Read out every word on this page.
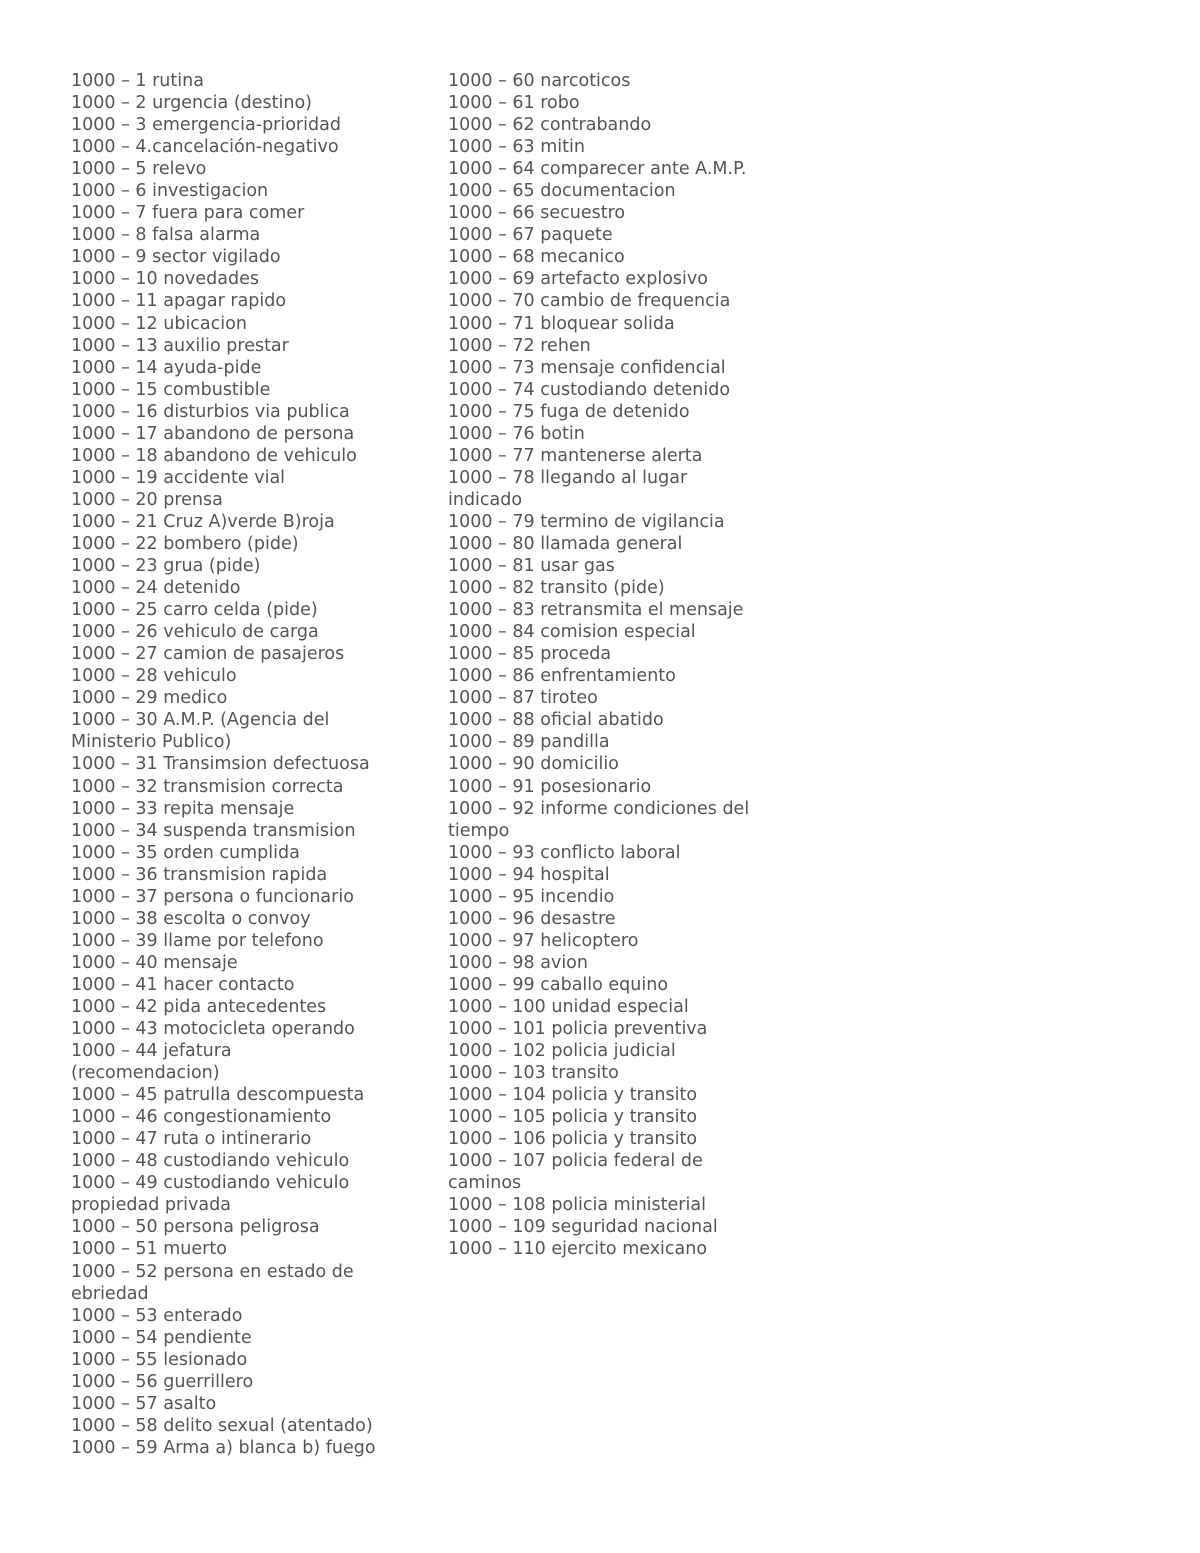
1000 – 1 rutina
1000 – 2 urgencia (destino)
1000 – 3 emergencia-prioridad
1000 – 4.cancelación-negativo
1000 – 5 relevo
1000 – 6 investigacion
1000 – 7 fuera para comer
1000 – 8 falsa alarma
1000 – 9 sector vigilado
1000 – 10 novedades
1000 – 11 apagar rapido
1000 – 12 ubicacion
1000 – 13 auxilio prestar
1000 – 14 ayuda-pide
1000 – 15 combustible
1000 – 16 disturbios via publica
1000 – 17 abandono de persona
1000 – 18 abandono de vehiculo
1000 – 19 accidente vial
1000 – 20 prensa
1000 – 21 Cruz A)verde B)roja
1000 – 22 bombero (pide)
1000 – 23 grua (pide)
1000 – 24 detenido
1000 – 25 carro celda (pide)
1000 – 26 vehiculo de carga
1000 – 27 camion de pasajeros
1000 – 28 vehiculo
1000 – 29 medico
1000 – 30 A.M.P. (Agencia del Ministerio Publico)
1000 – 31 Transimsion defectuosa
1000 – 32 transmision correcta
1000 – 33 repita mensaje
1000 – 34 suspenda transmision
1000 – 35 orden cumplida
1000 – 36 transmision rapida
1000 – 37 persona o funcionario
1000 – 38 escolta o convoy
1000 – 39 llame por telefono
1000 – 40 mensaje
1000 – 41 hacer contacto
1000 – 42 pida antecedentes
1000 – 43 motocicleta operando
1000 – 44 jefatura (recomendacion)
1000 – 45 patrulla descompuesta
1000 – 46 congestionamiento
1000 – 47 ruta o intinerario
1000 – 48 custodiando vehiculo
1000 – 49 custodiando vehiculo propiedad privada
1000 – 50 persona peligrosa
1000 – 51 muerto
1000 – 52 persona en estado de ebriedad
1000 – 53 enterado
1000 – 54 pendiente
1000 – 55 lesionado
1000 – 56 guerrillero
1000 – 57 asalto
1000 – 58 delito sexual (atentado)
1000 – 59 Arma a) blanca b) fuego
1000 – 60 narcoticos
1000 – 61 robo
1000 – 62 contrabando
1000 – 63 mitin
1000 – 64 comparecer ante A.M.P.
1000 – 65 documentacion
1000 – 66 secuestro
1000 – 67 paquete
1000 – 68 mecanico
1000 – 69 artefacto explosivo
1000 – 70 cambio de frequencia
1000 – 71 bloquear solida
1000 – 72 rehen
1000 – 73 mensaje confidencial
1000 – 74 custodiando detenido
1000 – 75 fuga de detenido
1000 – 76 botin
1000 – 77 mantenerse alerta
1000 – 78 llegando al lugar indicado
1000 – 79 termino de vigilancia
1000 – 80 llamada general
1000 – 81 usar gas
1000 – 82 transito (pide)
1000 – 83 retransmita el mensaje
1000 – 84 comision especial
1000 – 85 proceda
1000 – 86 enfrentamiento
1000 – 87 tiroteo
1000 – 88 oficial abatido
1000 – 89 pandilla
1000 – 90 domicilio
1000 – 91 posesionario
1000 – 92 informe condiciones del tiempo
1000 – 93 conflicto laboral
1000 – 94 hospital
1000 – 95 incendio
1000 – 96 desastre
1000 – 97 helicoptero
1000 – 98 avion
1000 – 99 caballo equino
1000 – 100 unidad especial
1000 – 101 policia preventiva
1000 – 102 policia judicial
1000 – 103 transito
1000 – 104 policia y transito
1000 – 105 policia y transito
1000 – 106 policia y transito
1000 – 107 policia federal de caminos
1000 – 108 policia ministerial
1000 – 109 seguridad nacional
1000 – 110 ejercito mexicano
